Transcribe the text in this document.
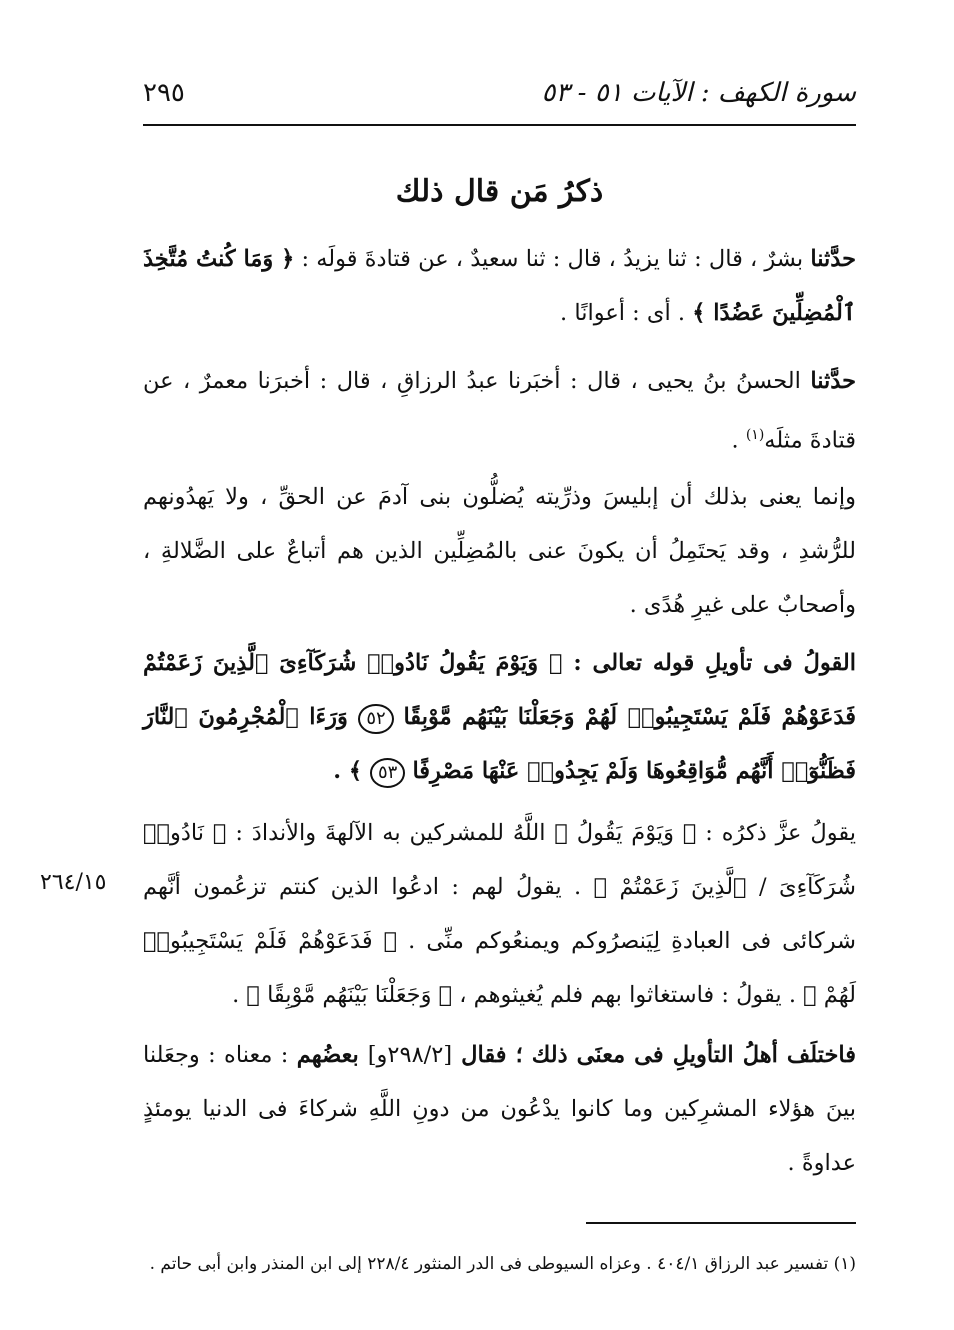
سورة الكهف : الآيات ٥١ - ٥٣
٢٩٥
ذكرُ مَن قال ذلك
حدَّثنا بشرٌ ، قال : ثنا يزيدُ ، قال : ثنا سعيدٌ ، عن قتادةَ قولَه : ﴿ وَمَا كُنتُ مُتَّخِذَ ٱلْمُضِلِّينَ عَضُدًا ﴾ . أى : أعوانًا .
حدَّثنا الحسنُ بنُ يحيى ، قال : أخبَرنا عبدُ الرزاقِ ، قال : أخبرَنا معمرٌ ، عن قتادةَ مثلَه$^{(١)}$ .
وإنما يعنى بذلك أن إبليسَ وذرِّيته يُضلُّون بنى آدمَ عن الحقِّ ، ولا يَهدُونهم للرُّشدِ ، وقد يَحتَمِلُ أن يكونَ عنى بالمُضِلِّين الذين هم أتباعٌ على الضَّلالةِ ، وأصحابٌ على غيرِ هُدًى .
القولُ فى تأويلِ قوله تعالى : ﴿ وَيَوْمَ يَقُولُ نَادُوا۟ شُرَكَآءِىَ ٱلَّذِينَ زَعَمْتُمْ فَدَعَوْهُمْ فَلَمْ يَسْتَجِيبُوا۟ لَهُمْ وَجَعَلْنَا بَيْنَهُم مَّوْبِقًا ٥٢ وَرَءَا ٱلْمُجْرِمُونَ ٱلنَّارَ فَظَنُّوٓا۟ أَنَّهُم مُّوَاقِعُوهَا وَلَمْ يَجِدُوا۟ عَنْهَا مَصْرِفًا ٥٣ ﴾ .
يقولُ عزَّ ذكرُه : ﴿ وَيَوْمَ يَقُولُ ﴾ اللَّهُ للمشركين به الآلهةَ والأندادَ : ﴿ نَادُوا۟ شُرَكَآءِىَ / ٱلَّذِينَ زَعَمْتُمْ ﴾ . يقولُ لهم : ادعُوا الذين كنتم تزعُمون أنَّهم شركائى فى العبادةِ لِيَنصرُوكم ويمنعُوكم منِّى . ﴿ فَدَعَوْهُمْ فَلَمْ يَسْتَجِيبُوا۟ لَهُمْ ﴾ . يقولُ : فاستغاثوا بهم فلم يُغيثوهم ، ﴿ وَجَعَلْنَا بَيْنَهُم مَّوْبِقًا ﴾ .
٢٦٤/١٥
فاختلَف أهلُ التأويلِ فى معنَى ذلك ؛ فقال [٢٩٨/٢و] بعضُهم : معناه : وجعَلنا بينَ هؤلاء المشرِكين وما كانوا يدْعُون من دونِ اللَّهِ شركاءَ فى الدنيا يومئذٍ عداوةً .
(١) تفسير عبد الرزاق ٤٠٤/١ . وعزاه السيوطى فى الدر المنثور ٢٢٨/٤ إلى ابن المنذر وابن أبى حاتم .
